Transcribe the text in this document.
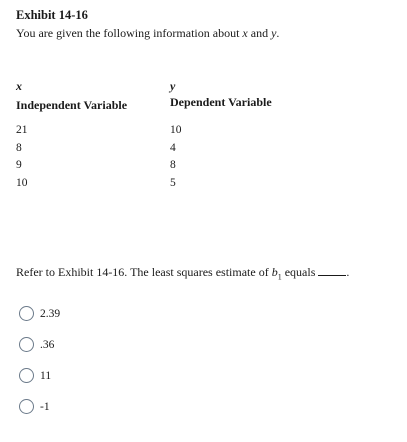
Exhibit 14-16
You are given the following information about x and y.
x
Independent Variable
y
Dependent Variable
21
8
9
10
10
4
8
5
Refer to Exhibit 14-16. The least squares estimate of $b_1$ equals	.
2.39
.36
11
-1
